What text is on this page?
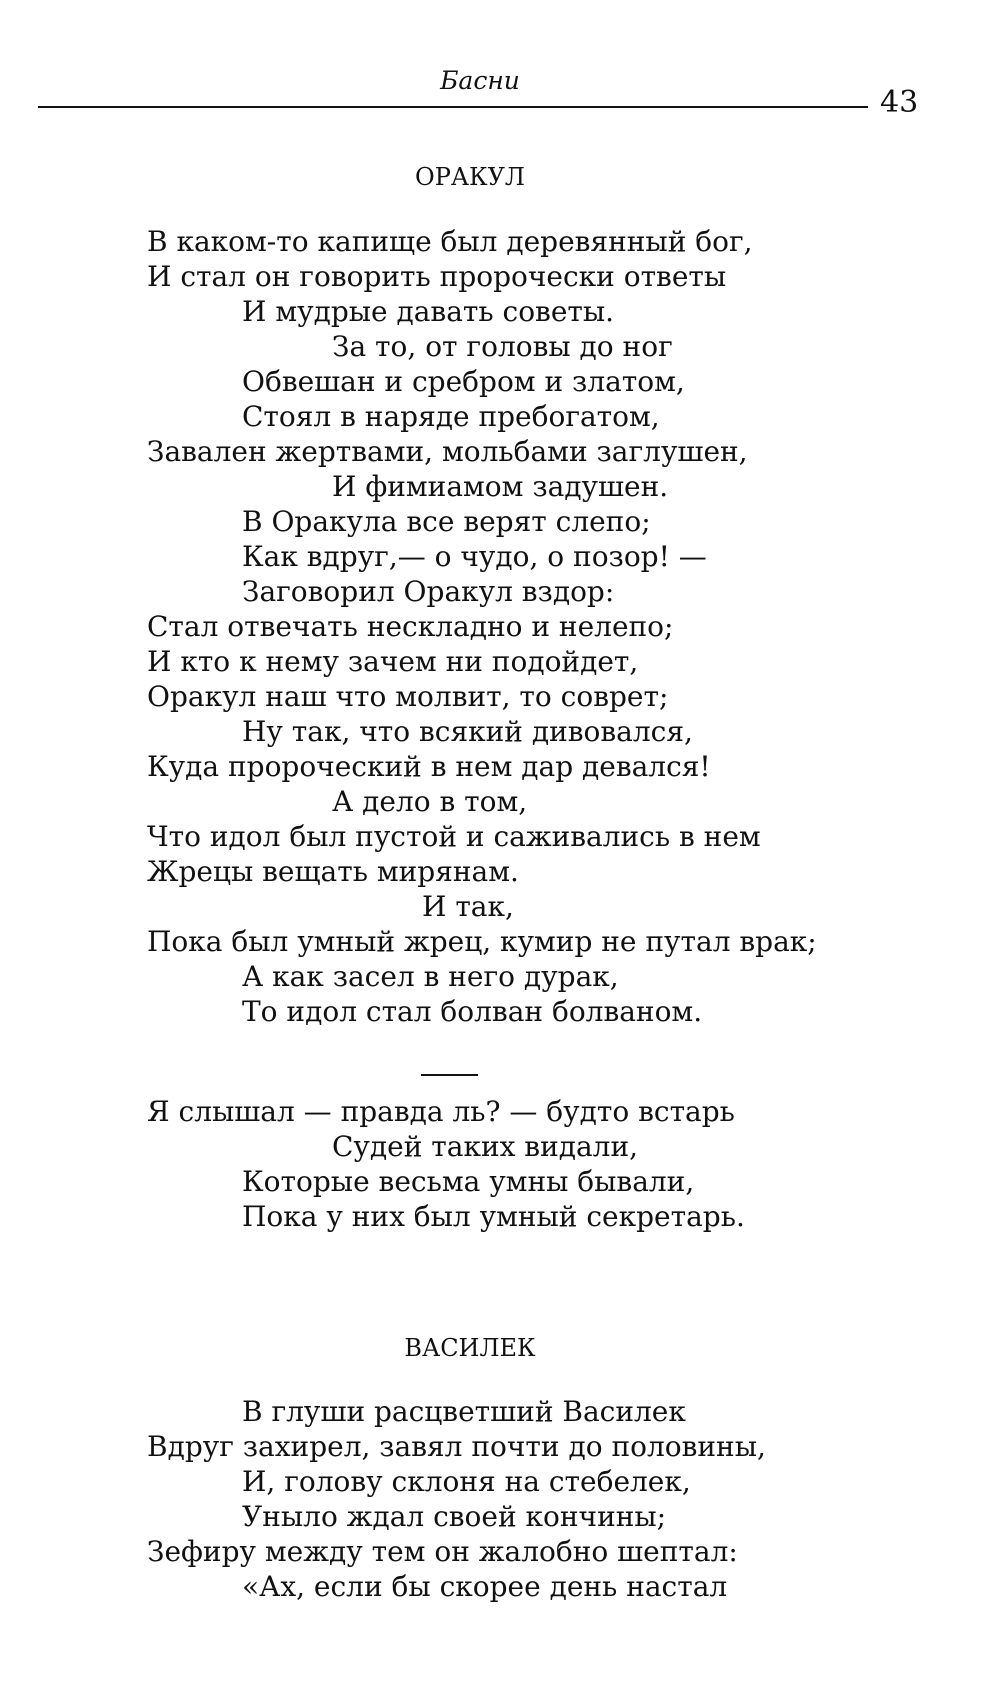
Басни
43
ОРАКУЛ
В каком-то капище был деревянный бог,
И стал он говорить пророчески ответы
И мудрые давать советы.
За то, от головы до ног
Обвешан и сребром и златом,
Стоял в наряде пребогатом,
Завален жертвами, мольбами заглушен,
И фимиамом задушен.
В Оракула все верят слепо;
Как вдруг,— о чудо, о позор! —
Заговорил Оракул вздор:
Стал отвечать нескладно и нелепо;
И кто к нему зачем ни подойдет,
Оракул наш что молвит, то соврет;
Ну так, что всякий дивовался,
Куда пророческий в нем дар девался!
А дело в том,
Что идол был пустой и саживались в нем
Жрецы вещать мирянам.
И так,
Пока был умный жрец, кумир не путал врак;
А как засел в него дурак,
То идол стал болван болваном.
Я слышал — правда ль? — будто встарь
Судей таких видали,
Которые весьма умны бывали,
Пока у них был умный секретарь.
ВАСИЛЕК
В глуши расцветший Василек
Вдруг захирел, завял почти до половины,
И, голову склоня на стебелек,
Уныло ждал своей кончины;
Зефиру между тем он жалобно шептал:
«Ах, если бы скорее день настал
